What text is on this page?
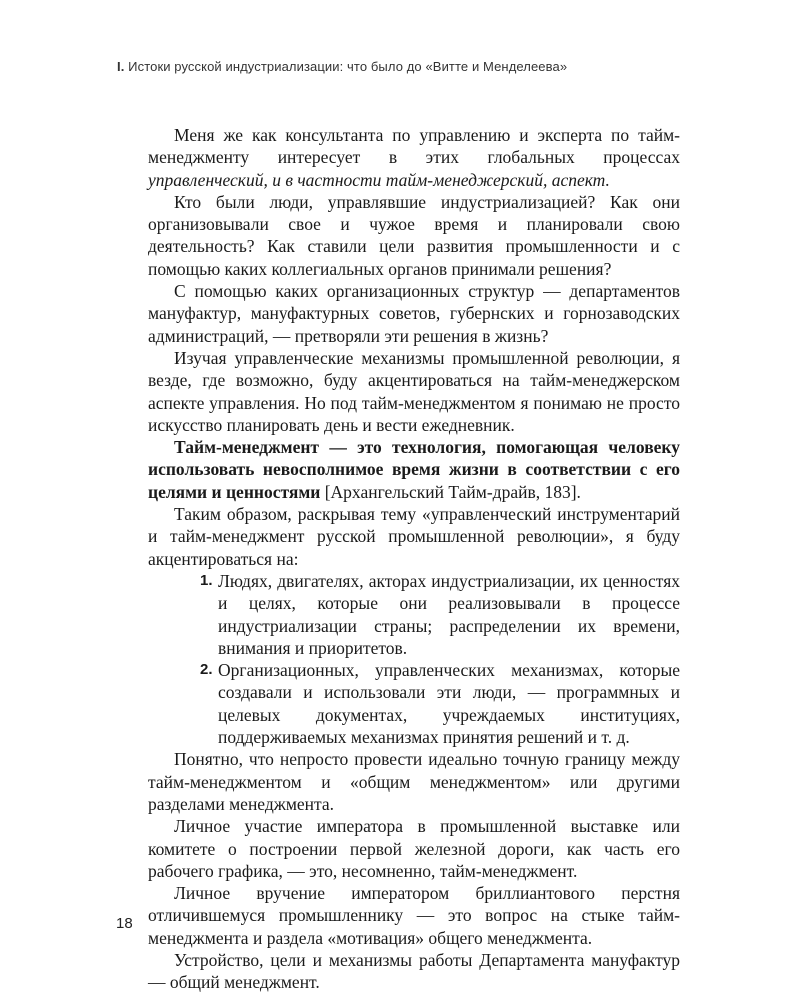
I. Истоки русской индустриализации: что было до «Витте и Менделеева»

Меня же как консультанта по управлению и эксперта по тайм-менеджменту интересует в этих глобальных процессах управленческий, и в частности тайм-менеджерский, аспект.

Кто были люди, управлявшие индустриализацией? Как они организовывали свое и чужое время и планировали свою деятельность? Как ставили цели развития промышленности и с помощью каких коллегиальных органов принимали решения?

С помощью каких организационных структур — департаментов мануфактур, мануфактурных советов, губернских и горнозаводских администраций, — претворяли эти решения в жизнь?

Изучая управленческие механизмы промышленной революции, я везде, где возможно, буду акцентироваться на тайм-менеджерском аспекте управления. Но под тайм-менеджментом я понимаю не просто искусство планировать день и вести ежедневник.

Тайм-менеджмент — это технология, помогающая человеку использовать невосполнимое время жизни в соответствии с его целями и ценностями [Архангельский Тайм-драйв, 183].

Таким образом, раскрывая тему «управленческий инструментарий и тайм-менеджмент русской промышленной революции», я буду акцентироваться на:

1. Людях, двигателях, акторах индустриализации, их ценностях и целях, которые они реализовывали в процессе индустриализации страны; распределении их времени, внимания и приоритетов.
2. Организационных, управленческих механизмах, которые создавали и использовали эти люди, — программных и целевых документах, учреждаемых институциях, поддерживаемых механизмах принятия решений и т. д.

Понятно, что непросто провести идеально точную границу между тайм-менеджментом и «общим менеджментом» или другими разделами менеджмента.

Личное участие императора в промышленной выставке или комитете о построении первой железной дороги, как часть его рабочего графика, — это, несомненно, тайм-менеджмент.

Личное вручение императором бриллиантового перстня отличившемуся промышленнику — это вопрос на стыке тайм-менеджмента и раздела «мотивация» общего менеджмента.

Устройство, цели и механизмы работы Департамента мануфактур — общий менеджмент.

18
